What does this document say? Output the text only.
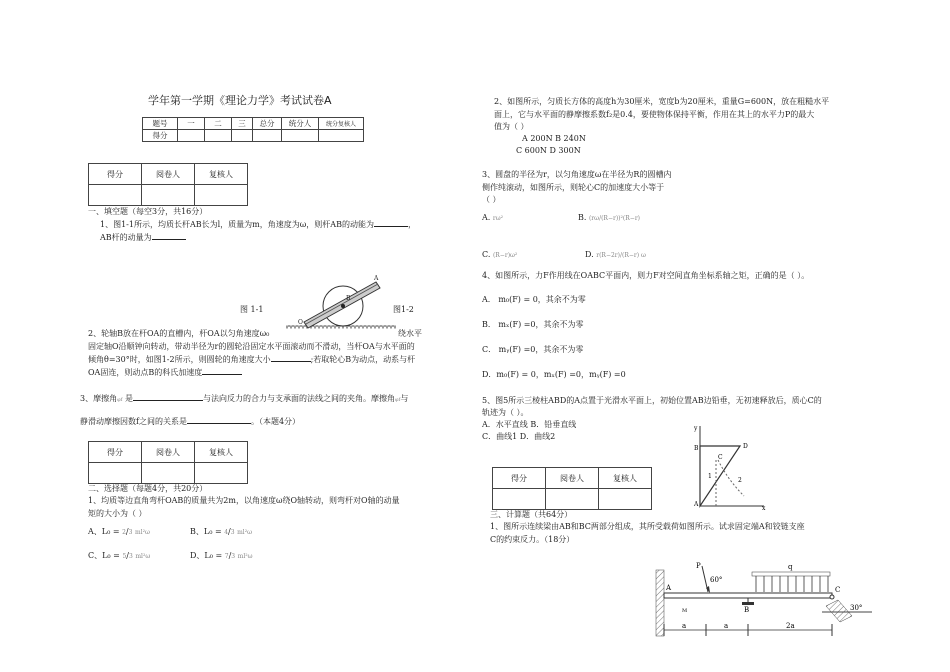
学年第一学期《理论力学》考试试卷A
题号	一	二	三	总分	统分人	统分复核人
得分						
得分	阅卷人	复核人

一、填空题（每空3分，共16分）
1、图1-1所示，均质长杆AB长为l，质量为m，角速度为ω，则杆AB的动能为	，
AB杆的动量为
O
A
B
图 1-1	图1-2
2、轮轴B放在杆OA的直槽内，杆OA以匀角速度ω₀	绕水平
固定轴O沿顺钟向转动，带动半径为r的圆轮沿固定水平面滚动而不滑动，当杆OA与水平面的
倾角θ=30°时，如图1-2所示，则圆轮的角速度大小	;若取轮心B为动点，动系与杆
OA固连，则动点B的科氏加速度
3、摩擦角φf 是	与法向反力的合力与支承面的法线之间的夹角。摩擦角φf与
静滑动摩擦因数f之间的关系是	。（本题4分）
得分	阅卷人	复核人

二、选择题（每题4分，共20分）
1、均质等边直角弯杆OAB的质量共为2m，以角速度ω绕O轴转动，则弯杆对O轴的动量
矩的大小为（ ）
A、L₀ = 2/3 ml²ω	B、L₀ = 4/3 ml²ω
C、L₀ = 5/3 ml²ω	D、L₀ = 7/3 ml²ω
2、如图所示，匀质长方体的高度h为30厘米，宽度b为20厘米，重量G=600N，放在粗糙水平
面上，它与水平面的静摩擦系数f₂是0.4，要使物体保持平衡，作用在其上的水平力P的最大
值为（ ）
A 200N B 240N
C 600N D 300N
3、圆盘的半径为r，以匀角速度ω在半径为R的圆槽内
侧作纯滚动，如图所示，则轮心C的加速度大小等于
（ ）
A. rω²	B. (rω/(R−r))²(R−r)
C. (R−r)ω²	D. r(R−2r)/(R−r) ω
4、如图所示，力F作用线在OABC平面内，则力F对空间直角坐标系轴之矩，正确的是（ ）。
A． m₀(F) = 0，其余不为零
B． mₓ(F) =0，其余不为零
C． mᵧ(F) =0，其余不为零
D．m₀(F) = 0，mₓ(F) =0，mᵧ(F) =0
5、图5所示三棱柱ABD的A点置于光滑水平面上，初始位置AB边铅垂，无初速释放后，质心C的
轨迹为（ ）。
A．水平直线 B．铅垂直线
C．曲线1 D．曲线2
y
D
C
B
A
1
2
x
得分	阅卷人	复核人

三、计算题（共64分）
1、图所示连续梁由AB和BC两部分组成，其所受载荷如图所示。试求固定端A和铰链支座
C的约束反力。（18分）
P
60°
q
A
B
C
M	30°
a	a	2a
